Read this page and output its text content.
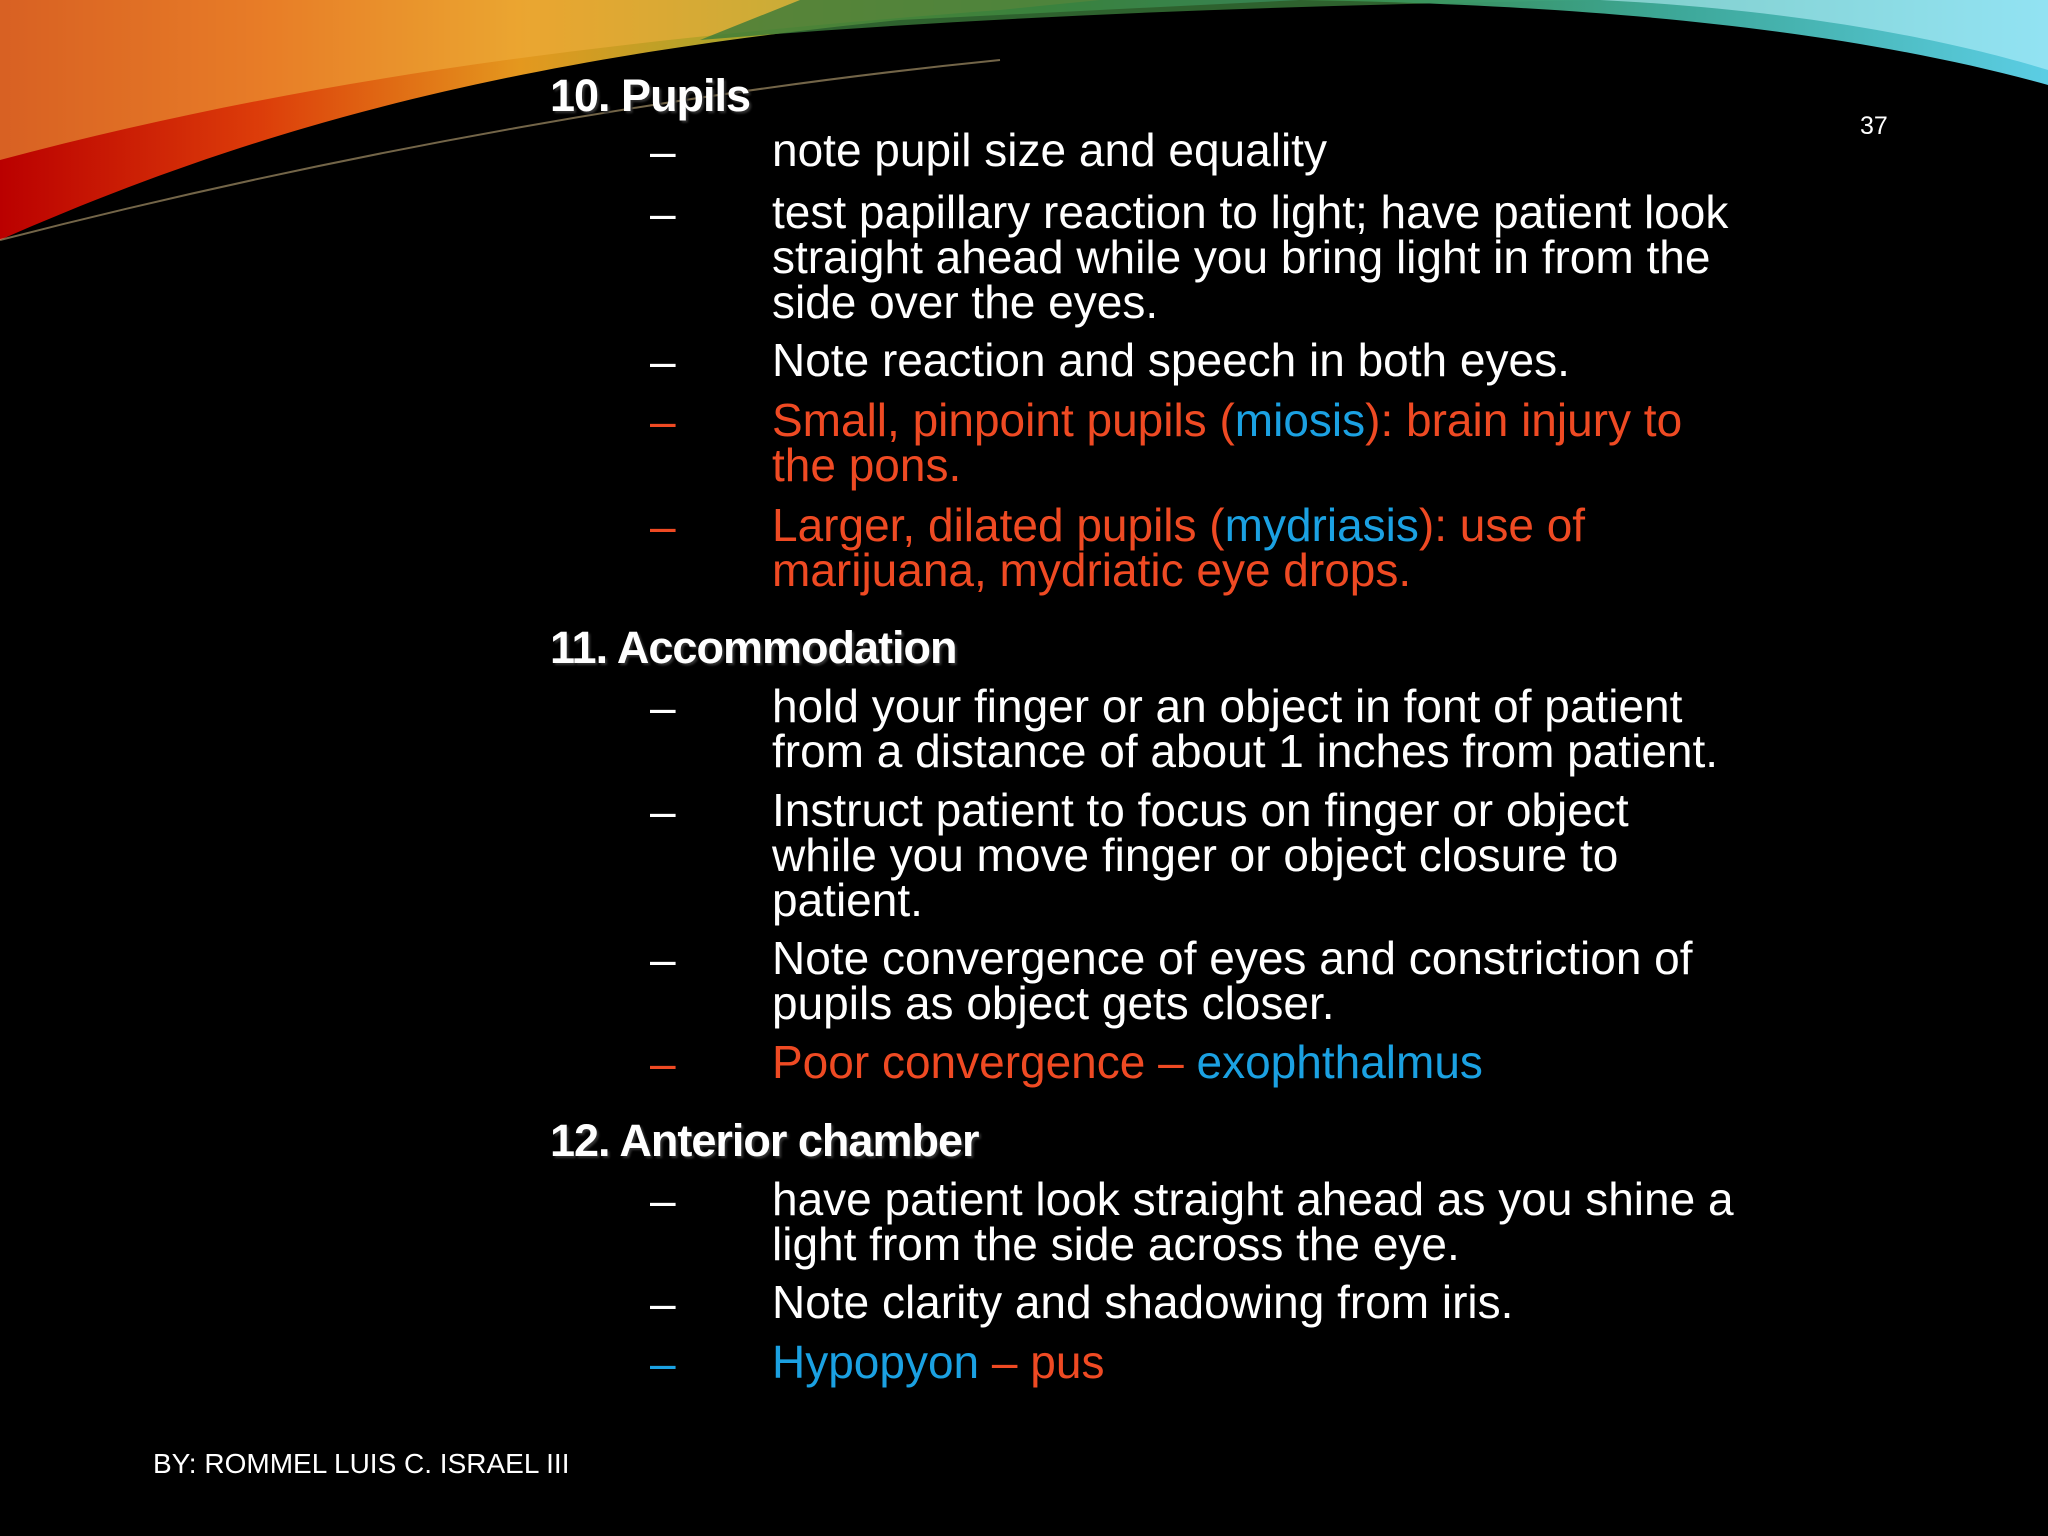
37
10. Pupils
– note pupil size and equality
– test papillary reaction to light; have patient look
straight ahead while you bring light in from the
side over the eyes.
– Note reaction and speech in both eyes.
– Small, pinpoint pupils (miosis): brain injury to
the pons.
– Larger, dilated pupils (mydriasis): use of
marijuana, mydriatic eye drops.
11. Accommodation
– hold your finger or an object in font of patient
from a distance of about 1 inches from patient.
– Instruct patient to focus on finger or object
while you move finger or object closure to
patient.
– Note convergence of eyes and constriction of
pupils as object gets closer.
– Poor convergence – exophthalmus
12. Anterior chamber
– have patient look straight ahead as you shine a
light from the side across the eye.
– Note clarity and shadowing from iris.
– Hypopyon – pus
BY: ROMMEL LUIS C. ISRAEL III
